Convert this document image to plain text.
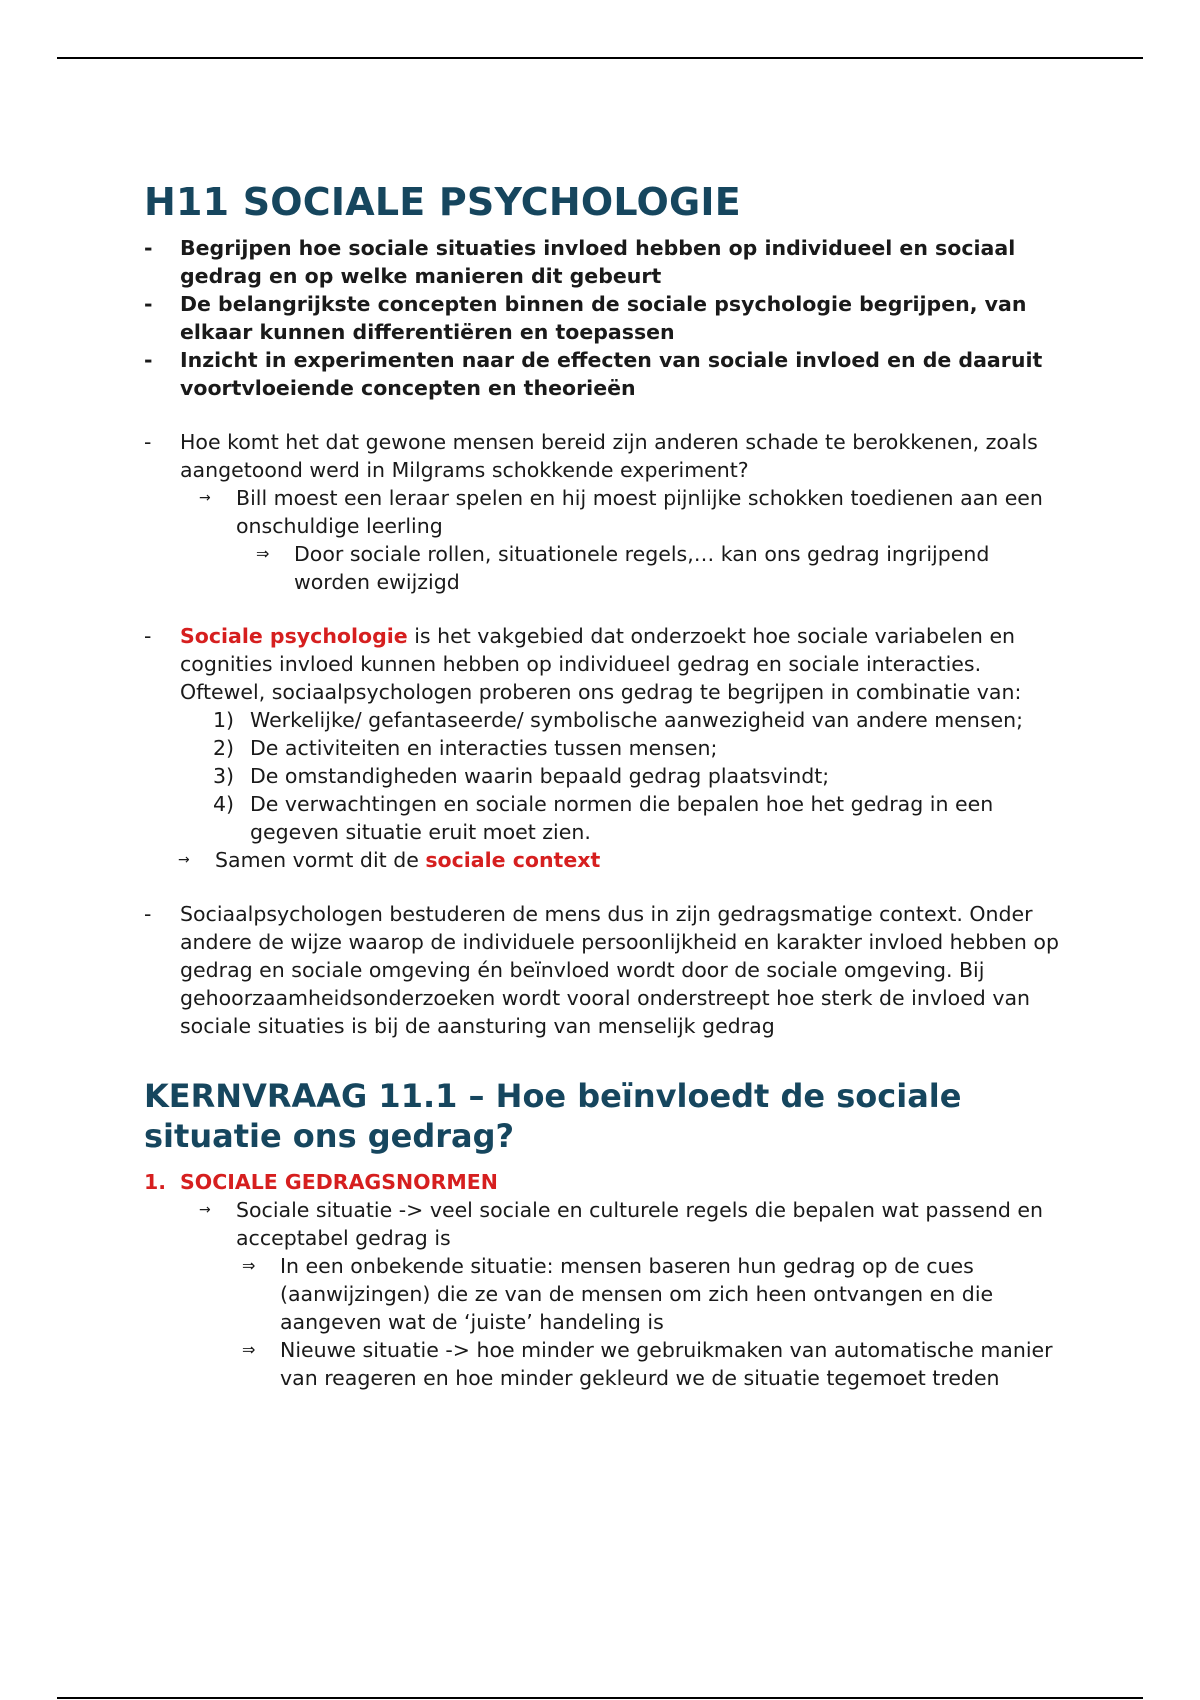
H11 SOCIALE PSYCHOLOGIE
-	Begrijpen hoe sociale situaties invloed hebben op individueel en sociaal gedrag en op welke manieren dit gebeurt
-	De belangrijkste concepten binnen de sociale psychologie begrijpen, van elkaar kunnen differentiëren en toepassen
-	Inzicht in experimenten naar de effecten van sociale invloed en de daaruit voortvloeiende concepten en theorieën
-	Hoe komt het dat gewone mensen bereid zijn anderen schade te berokkenen, zoals aangetoond werd in Milgrams schokkende experiment?
→	Bill moest een leraar spelen en hij moest pijnlijke schokken toedienen aan een onschuldige leerling
⇒	Door sociale rollen, situationele regels,… kan ons gedrag ingrijpend worden ewijzigd
-	Sociale psychologie is het vakgebied dat onderzoekt hoe sociale variabelen en cognities invloed kunnen hebben op individueel gedrag en sociale interacties. Oftewel, sociaalpsychologen proberen ons gedrag te begrijpen in combinatie van:
1) Werkelijke/ gefantaseerde/ symbolische aanwezigheid van andere mensen;
2) De activiteiten en interacties tussen mensen;
3) De omstandigheden waarin bepaald gedrag plaatsvindt;
4) De verwachtingen en sociale normen die bepalen hoe het gedrag in een gegeven situatie eruit moet zien.
→	Samen vormt dit de sociale context
-	Sociaalpsychologen bestuderen de mens dus in zijn gedragsmatige context. Onder andere de wijze waarop de individuele persoonlijkheid en karakter invloed hebben op gedrag en sociale omgeving én beïnvloed wordt door de sociale omgeving. Bij gehoorzaamheidsonderzoeken wordt vooral onderstreept hoe sterk de invloed van sociale situaties is bij de aansturing van menselijk gedrag
KERNVRAAG 11.1 – Hoe beïnvloedt de sociale situatie ons gedrag?
1. SOCIALE GEDRAGSNORMEN
→	Sociale situatie -> veel sociale en culturele regels die bepalen wat passend en acceptabel gedrag is
⇒	In een onbekende situatie: mensen baseren hun gedrag op de cues (aanwijzingen) die ze van de mensen om zich heen ontvangen en die aangeven wat de ‘juiste’ handeling is
⇒	Nieuwe situatie -> hoe minder we gebruikmaken van automatische manier van reageren en hoe minder gekleurd we de situatie tegemoet treden
